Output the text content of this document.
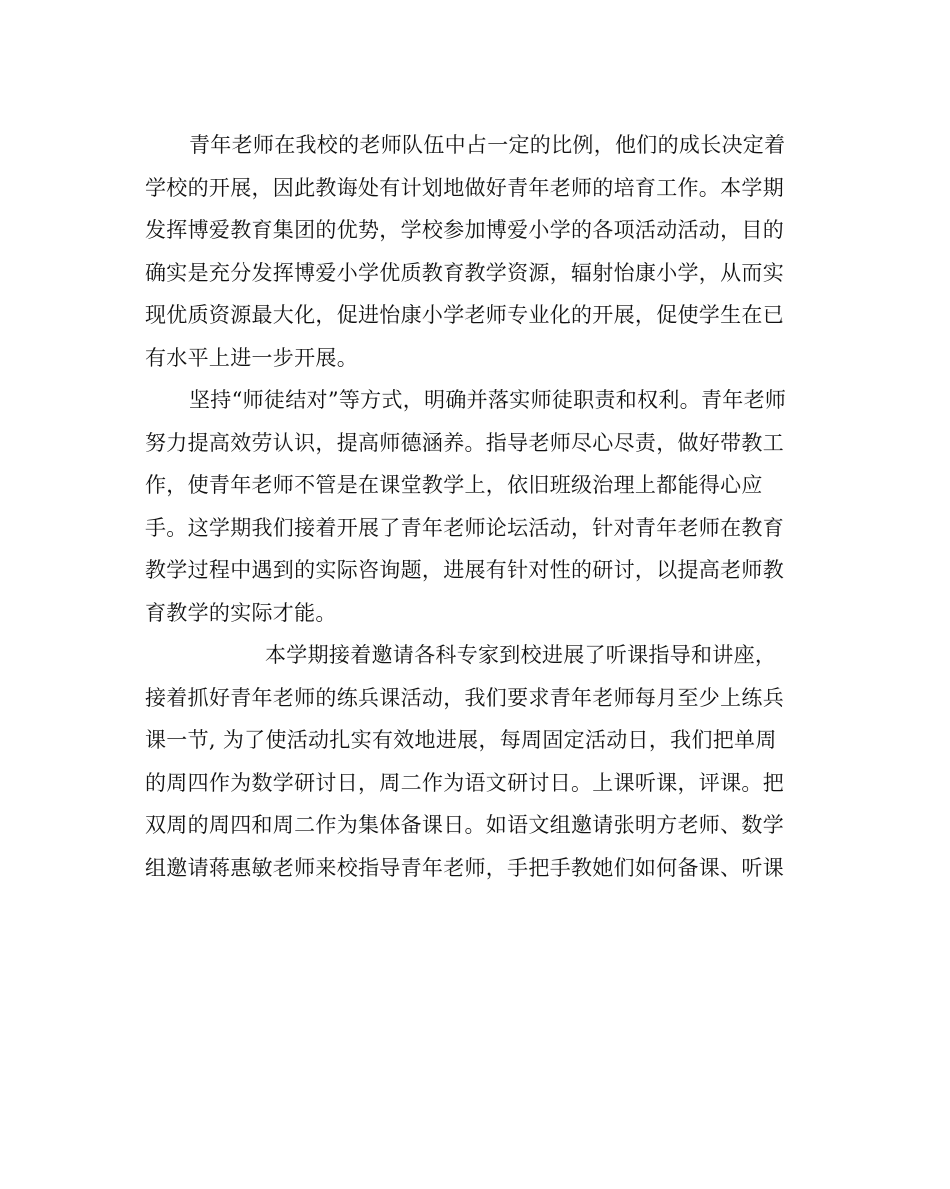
青年老师在我校的老师队伍中占一定的比例，他们的成长决定着
学校的开展，因此教诲处有计划地做好青年老师的培育工作。本学期
发挥博爱教育集团的优势，学校参加博爱小学的各项活动活动，目的
确实是充分发挥博爱小学优质教育教学资源，辐射怡康小学，从而实
现优质资源最大化，促进怡康小学老师专业化的开展，促使学生在已
有水平上进一步开展。
坚持“师徒结对”等方式，明确并落实师徒职责和权利。青年老师
努力提高效劳认识，提高师德涵养。指导老师尽心尽责，做好带教工
作，使青年老师不管是在课堂教学上，依旧班级治理上都能得心应
手。这学期我们接着开展了青年老师论坛活动，针对青年老师在教育
教学过程中遇到的实际咨询题，进展有针对性的研讨，以提高老师教
育教学的实际才能。
本学期接着邀请各科专家到校进展了听课指导和讲座，
接着抓好青年老师的练兵课活动，我们要求青年老师每月至少上练兵
课一节, 为了使活动扎实有效地进展，每周固定活动日，我们把单周
的周四作为数学研讨日，周二作为语文研讨日。上课听课，评课。把
双周的周四和周二作为集体备课日。如语文组邀请张明方老师、数学
组邀请蒋惠敏老师来校指导青年老师，手把手教她们如何备课、听课
